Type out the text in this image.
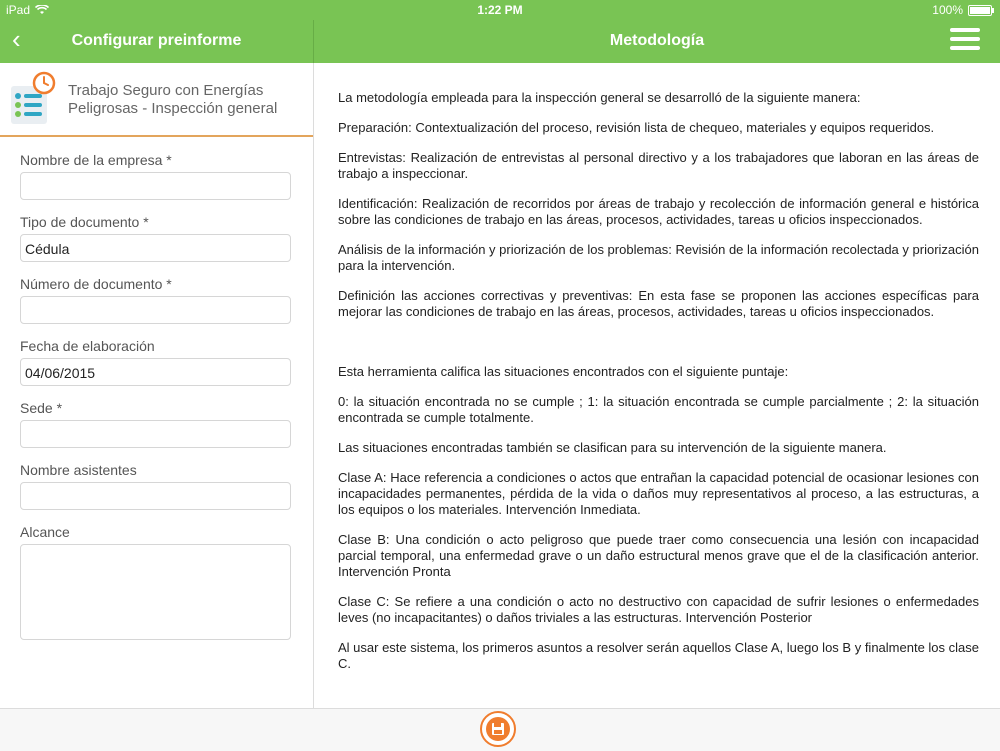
iPad	1:22 PM	100%
‹	Configurar preinforme	Metodología
Trabajo Seguro con Energías
Peligrosas - Inspección general
Nombre de la empresa *
Tipo de documento *
Cédula
Número de documento *
Fecha de elaboración
04/06/2015
Sede *
Nombre asistentes
Alcance

La metodología empleada para la inspección general se desarrolló de la siguiente manera:

Preparación: Contextualización del proceso, revisión lista de chequeo, materiales y equipos requeridos.

Entrevistas: Realización de entrevistas al personal directivo y a los trabajadores que laboran en las áreas de trabajo a inspeccionar.

Identificación: Realización de recorridos por áreas de trabajo y recolección de información general e histórica sobre las condiciones de trabajo en las áreas, procesos, actividades, tareas u oficios inspeccionados.

Análisis de la información y priorización de los problemas: Revisión de la información recolectada y priorización para la intervención.

Definición las acciones correctivas y preventivas: En esta fase se proponen las acciones específicas para mejorar las condiciones de trabajo en las áreas, procesos, actividades, tareas u oficios inspeccionados.

Esta herramienta califica las situaciones encontrados con el siguiente puntaje:

0: la situación encontrada no se cumple ; 1: la situación encontrada se cumple parcialmente ; 2: la situación encontrada se cumple totalmente.

Las situaciones encontradas también se clasifican para su intervención de la siguiente manera.

Clase A: Hace referencia a condiciones o actos que entrañan la capacidad potencial de ocasionar lesiones con incapacidades permanentes, pérdida de la vida o daños muy representativos al proceso, a las estructuras, a los equipos o los materiales. Intervención Inmediata.

Clase B: Una condición o acto peligroso que puede traer como consecuencia una lesión con incapacidad parcial temporal, una enfermedad grave o un daño estructural menos grave que el de la clasificación anterior. Intervención Pronta

Clase C: Se refiere a una condición o acto no destructivo con capacidad de sufrir lesiones o enfermedades leves (no incapacitantes) o daños triviales a las estructuras. Intervención Posterior

Al usar este sistema, los primeros asuntos a resolver serán aquellos Clase A, luego los B y finalmente los clase C.
